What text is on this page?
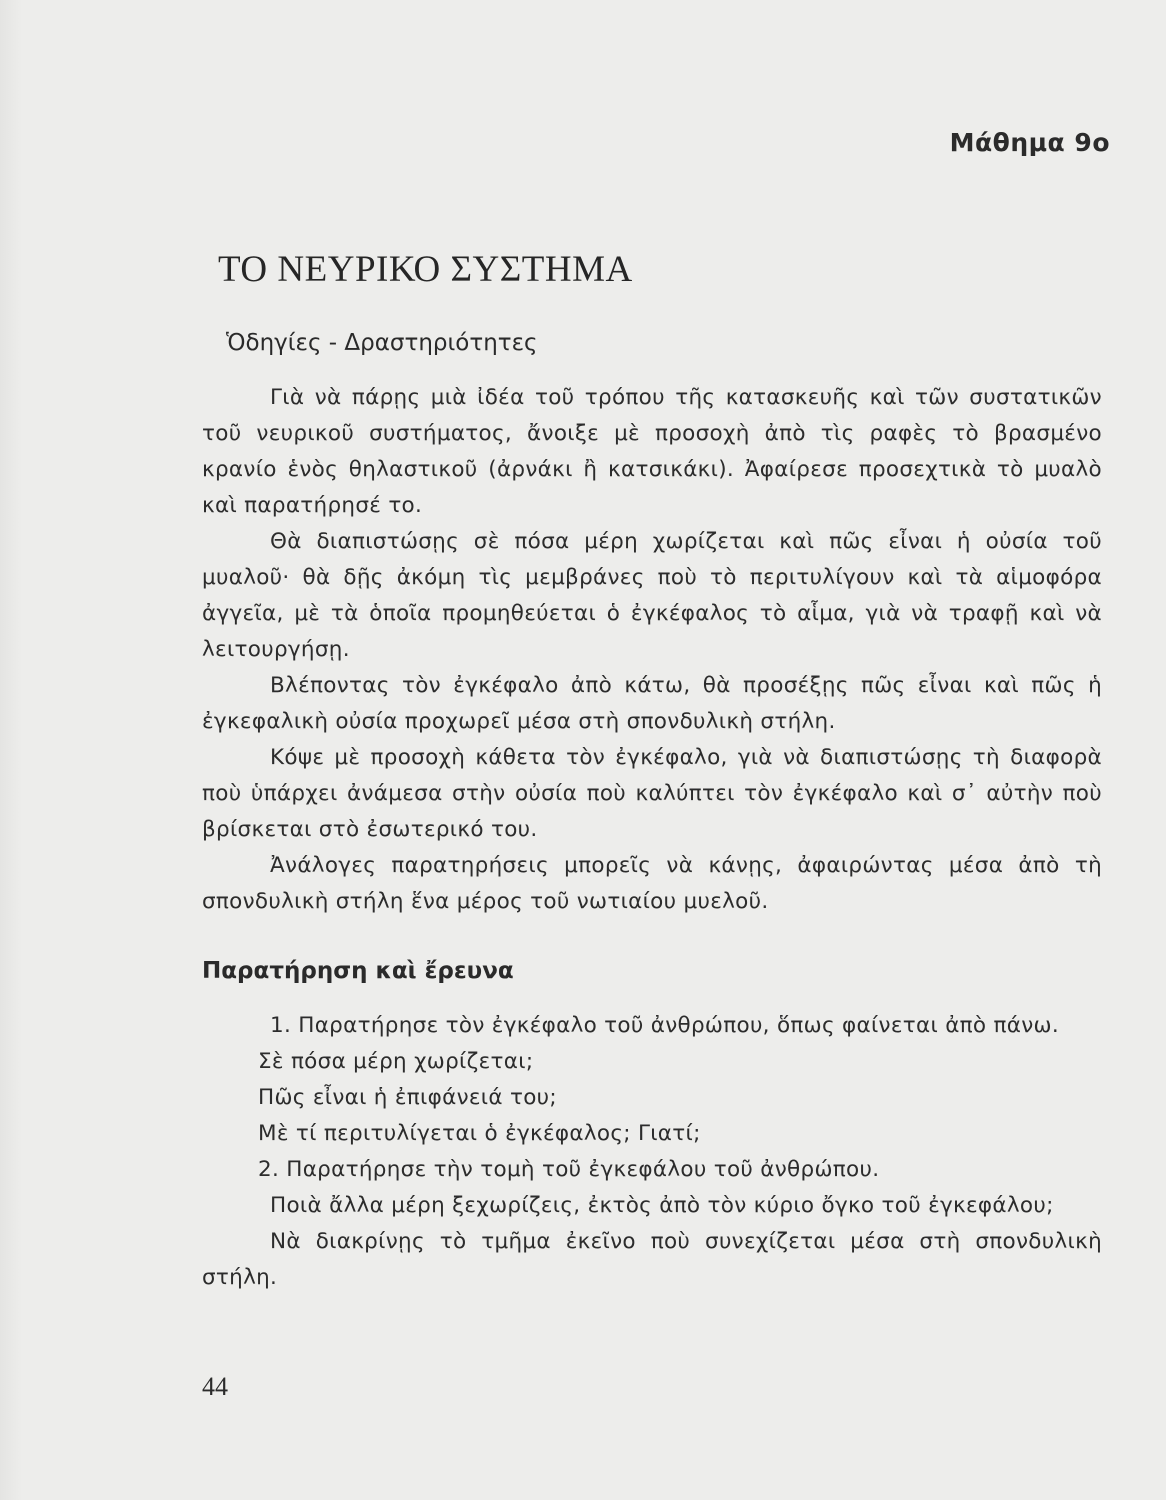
Μάθημα 9ο
ΤΟ ΝΕΥΡΙΚΟ ΣΥΣΤΗΜΑ
Ὁδηγίες - Δραστηριότητες

Γιὰ νὰ πάρῃς μιὰ ἰδέα τοῦ τρόπου τῆς κατασκευῆς καὶ τῶν συστατικῶν τοῦ νευρικοῦ συστήματος, ἄνοιξε μὲ προσοχὴ ἀπὸ τὶς ραφὲς τὸ βρασμένο κρανίο ἑνὸς θηλαστικοῦ (ἀρνάκι ἢ κατσικάκι). Ἀφαίρεσε προσεχτικὰ τὸ μυαλὸ καὶ παρατήρησέ το.

Θὰ διαπιστώσῃς σὲ πόσα μέρη χωρίζεται καὶ πῶς εἶναι ἡ οὐσία τοῦ μυαλοῦ· θὰ δῇς ἀκόμη τὶς μεμβράνες ποὺ τὸ περιτυλίγουν καὶ τὰ αἱμοφόρα ἀγγεῖα, μὲ τὰ ὁποῖα προμηθεύεται ὁ ἐγκέφαλος τὸ αἷμα, γιὰ νὰ τραφῇ καὶ νὰ λειτουργήσῃ.

Βλέποντας τὸν ἐγκέφαλο ἀπὸ κάτω, θὰ προσέξῃς πῶς εἶναι καὶ πῶς ἡ ἐγκεφαλικὴ οὐσία προχωρεῖ μέσα στὴ σπονδυλικὴ στήλη.

Κόψε μὲ προσοχὴ κάθετα τὸν ἐγκέφαλο, γιὰ νὰ διαπιστώσῃς τὴ διαφορὰ ποὺ ὑπάρχει ἀνάμεσα στὴν οὐσία ποὺ καλύπτει τὸν ἐγκέφαλο καὶ σ᾿ αὐτὴν ποὺ βρίσκεται στὸ ἐσωτερικό του.

Ἀνάλογες παρατηρήσεις μπορεῖς νὰ κάνῃς, ἀφαιρώντας μέσα ἀπὸ τὴ σπονδυλικὴ στήλη ἕνα μέρος τοῦ νωτιαίου μυελοῦ.

Παρατήρηση καὶ ἔρευνα

1. Παρατήρησε τὸν ἐγκέφαλο τοῦ ἀνθρώπου, ὅπως φαίνεται ἀπὸ πάνω.

Σὲ πόσα μέρη χωρίζεται;

Πῶς εἶναι ἡ ἐπιφάνειά του;

Μὲ τί περιτυλίγεται ὁ ἐγκέφαλος; Γιατί;

2. Παρατήρησε τὴν τομὴ τοῦ ἐγκεφάλου τοῦ ἀνθρώπου.

Ποιὰ ἄλλα μέρη ξεχωρίζεις, ἐκτὸς ἀπὸ τὸν κύριο ὄγκο τοῦ ἐγκεφάλου;

Νὰ διακρίνῃς τὸ τμῆμα ἐκεῖνο ποὺ συνεχίζεται μέσα στὴ σπονδυλικὴ στήλη.

44
